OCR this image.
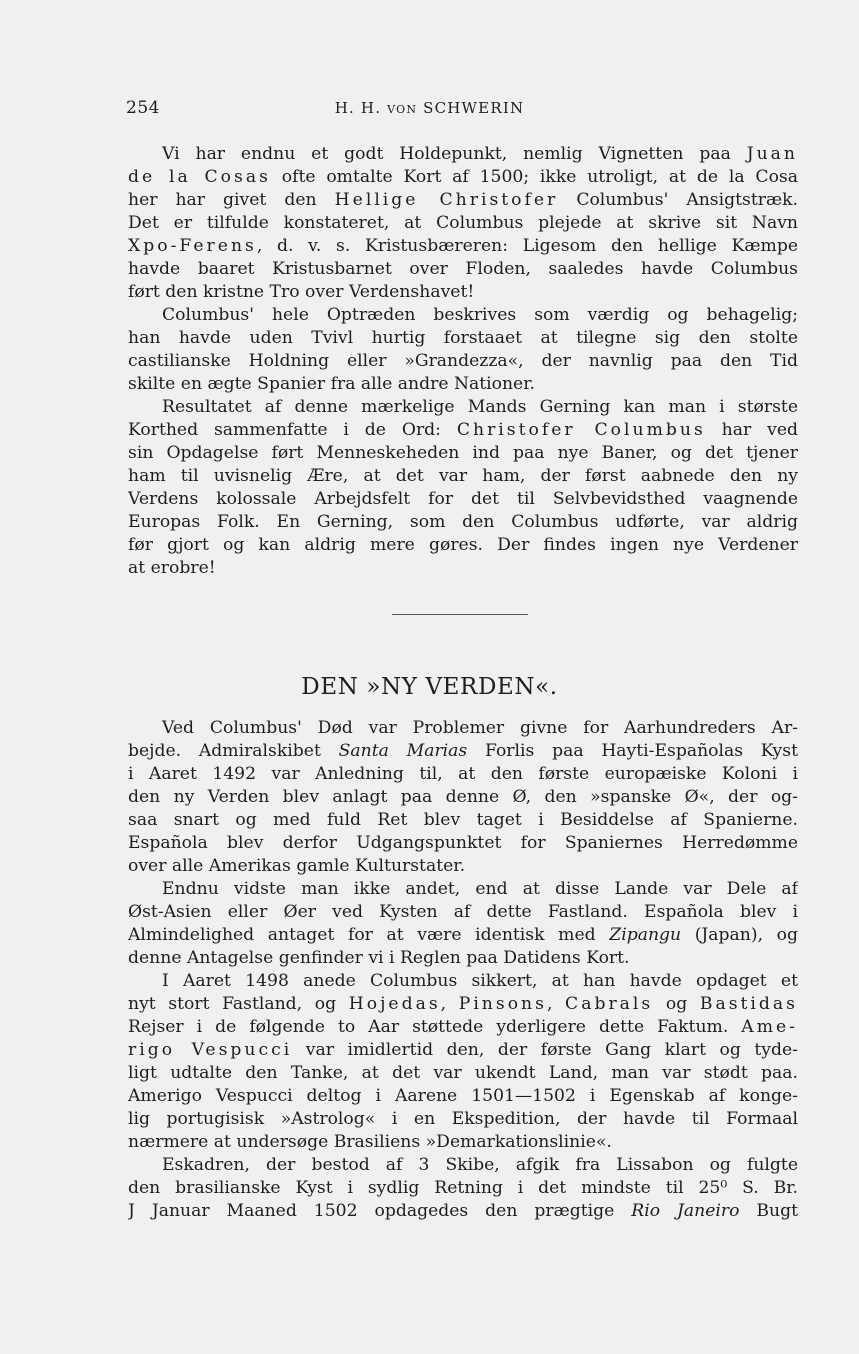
254	H. H. VON SCHWERIN
Vi har endnu et godt Holdepunkt, nemlig Vignetten paa Juan
de la Cosas ofte omtalte Kort af 1500; ikke utroligt, at de la Cosa
her har givet den Hellige Christofer Columbus' Ansigtstræk.
Det er tilfulde konstateret, at Columbus plejede at skrive sit Navn
Xpo-Ferens, d. v. s. Kristusbæreren: Ligesom den hellige Kæmpe
havde baaret Kristusbarnet over Floden, saaledes havde Columbus
ført den kristne Tro over Verdenshavet!
Columbus' hele Optræden beskrives som værdig og behagelig;
han havde uden Tvivl hurtig forstaaet at tilegne sig den stolte
castilianske Holdning eller »Grandezza«, der navnlig paa den Tid
skilte en ægte Spanier fra alle andre Nationer.
Resultatet af denne mærkelige Mands Gerning kan man i største
Korthed sammenfatte i de Ord: Christofer Columbus har ved
sin Opdagelse ført Menneskeheden ind paa nye Baner, og det tjener
ham til uvisnelig Ære, at det var ham, der først aabnede den ny
Verdens kolossale Arbejdsfelt for det til Selvbevidsthed vaagnende
Europas Folk. En Gerning, som den Columbus udførte, var aldrig
før gjort og kan aldrig mere gøres. Der findes ingen nye Verdener
at erobre!
DEN »NY VERDEN«.
Ved Columbus' Død var Problemer givne for Aarhundreders Ar-
bejde. Admiralskibet Santa Marias Forlis paa Hayti-Españolas Kyst
i Aaret 1492 var Anledning til, at den første europæiske Koloni i
den ny Verden blev anlagt paa denne Ø, den »spanske Ø«, der og-
saa snart og med fuld Ret blev taget i Besiddelse af Spanierne.
Española blev derfor Udgangspunktet for Spaniernes Herredømme
over alle Amerikas gamle Kulturstater.
Endnu vidste man ikke andet, end at disse Lande var Dele af
Øst-Asien eller Øer ved Kysten af dette Fastland. Española blev i
Almindelighed antaget for at være identisk med Zipangu (Japan), og
denne Antagelse genfinder vi i Reglen paa Datidens Kort.
I Aaret 1498 anede Columbus sikkert, at han havde opdaget et
nyt stort Fastland, og Hojedas, Pinsons, Cabrals og Bastidas
Rejser i de følgende to Aar støttede yderligere dette Faktum. Ame-
rigo Vespucci var imidlertid den, der første Gang klart og tyde-
ligt udtalte den Tanke, at det var ukendt Land, man var stødt paa.
Amerigo Vespucci deltog i Aarene 1501—1502 i Egenskab af konge-
lig portugisisk »Astrolog« i en Ekspedition, der havde til Formaal
nærmere at undersøge Brasiliens »Demarkationslinie«.
Eskadren, der bestod af 3 Skibe, afgik fra Lissabon og fulgte
den brasilianske Kyst i sydlig Retning i det mindste til 25⁰ S. Br.
J Januar Maaned 1502 opdagedes den prægtige Rio Janeiro Bugt
